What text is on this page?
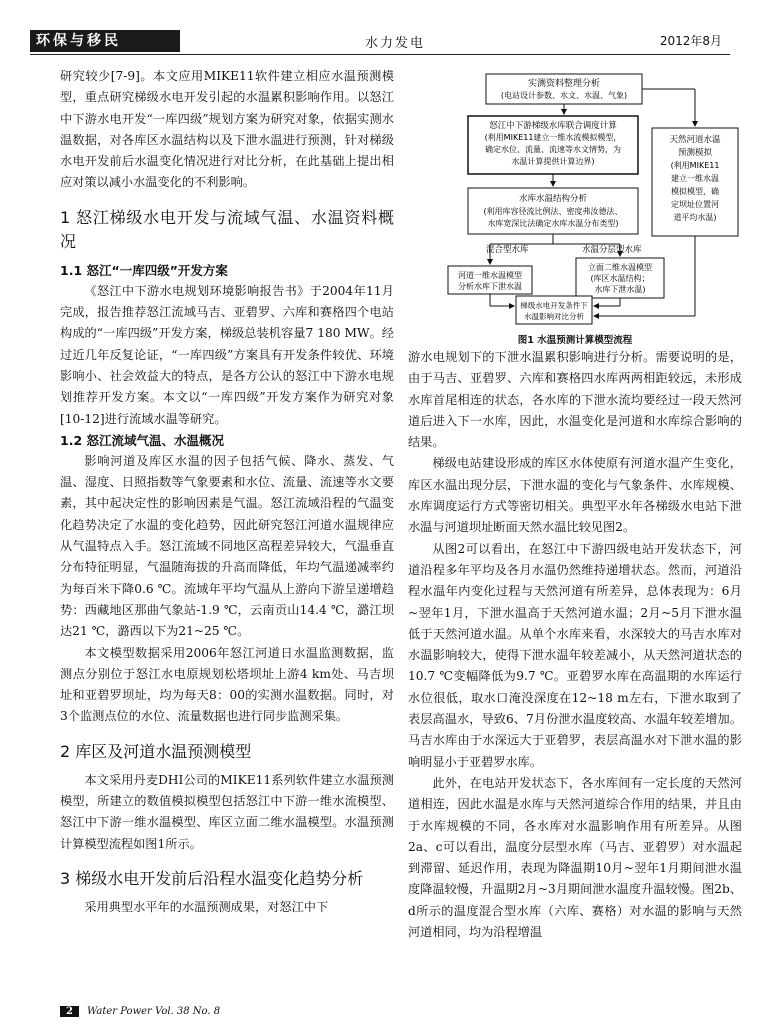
环保与移民	水力发电	2012年8月

研究较少[7-9]。本文应用MIKE11软件建立相应水温预测模型，重点研究梯级水电开发引起的水温累积影响作用。以怒江中下游水电开发“一库四级”规划方案为研究对象，依据实测水温数据，对各库区水温结构以及下泄水温进行预测，针对梯级水电开发前后水温变化情况进行对比分析，在此基础上提出相应对策以减小水温变化的不利影响。

1 怒江梯级水电开发与流域气温、水温资料概况
1.1 怒江“一库四级”开发方案

《怒江中下游水电规划环境影响报告书》于2004年11月完成，报告推荐怒江流域马吉、亚碧罗、六库和赛格四个电站构成的“一库四级”开发方案，梯级总装机容量7 180 MW。经过近几年反复论证，“一库四级”方案具有开发条件较优、环境影响小、社会效益大的特点，是各方公认的怒江中下游水电规划推荐开发方案。本文以“一库四级”开发方案作为研究对象[10-12]进行流域水温等研究。

1.2 怒江流域气温、水温概况

影响河道及库区水温的因子包括气候、降水、蒸发、气温、湿度、日照指数等气象要素和水位、流量、流速等水文要素，其中起决定性的影响因素是气温。怒江流域沿程的气温变化趋势决定了水温的变化趋势，因此研究怒江河道水温规律应从气温特点入手。怒江流域不同地区高程差异较大，气温垂直分布特征明显，气温随海拔的升高而降低，年均气温递减率约为每百米下降0.6 ℃。流域年平均气温从上游向下游呈递增趋势：西藏地区那曲气象站-1.9 ℃，云南贡山14.4 ℃，潞江坝达21 ℃，潞西以下为21~25 ℃。

本文模型数据采用2006年怒江河道日水温监测数据，监测点分别位于怒江水电原规划松塔坝址上游4 km处、马吉坝址和亚碧罗坝址，均为每天8：00的实测水温数据。同时，对3个监测点位的水位、流量数据也进行同步监测采集。

2 库区及河道水温预测模型

本文采用丹麦DHI公司的MIKE11系列软件建立水温预测模型，所建立的数值模拟模型包括怒江中下游一维水流模型、怒江中下游一维水温模型、库区立面二维水温模型。水温预测计算模型流程如图1所示。

3 梯级水电开发前后沿程水温变化趋势分析

采用典型水平年的水温预测成果，对怒江中下

实测资料整理分析
(电站设计参数、水文、水温、气象)
怒江中下游梯级水库联合调度计算
(利用MIKE11建立一维水流模拟模型，
确定水位、流量、流速等水文情势，为
水温计算提供计算边界)
天然河道水温
预测模拟
(利用MIKE11
建立一维水温
模拟模型，确
定坝址位置河
道平均水温)
水库水温结构分析
(利用库容径流比例法、密度弗汝德法、
水库宽深比法确定水库水温分布类型)
混合型水库	水温分层型水库
河道一维水温模型
分析水库下泄水温
立面二维水温模型
(库区水温结构；
水库下泄水温)
梯级水电开发条件下
水温影响对比分析
图1 水温预测计算模型流程

游水电规划下的下泄水温累积影响进行分析。需要说明的是，由于马吉、亚碧罗、六库和赛格四水库两两相距较远，未形成水库首尾相连的状态，各水库的下泄水流均要经过一段天然河道后进入下一水库，因此，水温变化是河道和水库综合影响的结果。

梯级电站建设形成的库区水体使原有河道水温产生变化，库区水温出现分层，下泄水温的变化与气象条件、水库规模、水库调度运行方式等密切相关。典型平水年各梯级水电站下泄水温与河道坝址断面天然水温比较见图2。

从图2可以看出，在怒江中下游四级电站开发状态下，河道沿程多年平均及各月水温仍然维持递增状态。然而，河道沿程水温年内变化过程与天然河道有所差异，总体表现为：6月~翌年1月，下泄水温高于天然河道水温；2月~5月下泄水温低于天然河道水温。从单个水库来看，水深较大的马吉水库对水温影响较大，使得下泄水温年较差减小，从天然河道状态的10.7 ℃变幅降低为9.7 ℃。亚碧罗水库在高温期的水库运行水位很低，取水口淹没深度在12~18 m左右，下泄水取到了表层高温水，导致6、7月份泄水温度较高、水温年较差增加。马吉水库由于水深远大于亚碧罗，表层高温水对下泄水温的影响明显小于亚碧罗水库。

此外，在电站开发状态下，各水库间有一定长度的天然河道相连，因此水温是水库与天然河道综合作用的结果，并且由于水库规模的不同，各水库对水温影响作用有所差异。从图2a、c可以看出，温度分层型水库（马吉、亚碧罗）对水温起到滞留、延迟作用，表现为降温期10月~翌年1月期间泄水温度降温较慢，升温期2月~3月期间泄水温度升温较慢。图2b、d所示的温度混合型水库（六库、赛格）对水温的影响与天然河道相同，均为沿程增温

2 Water Power Vol. 38 No. 8
